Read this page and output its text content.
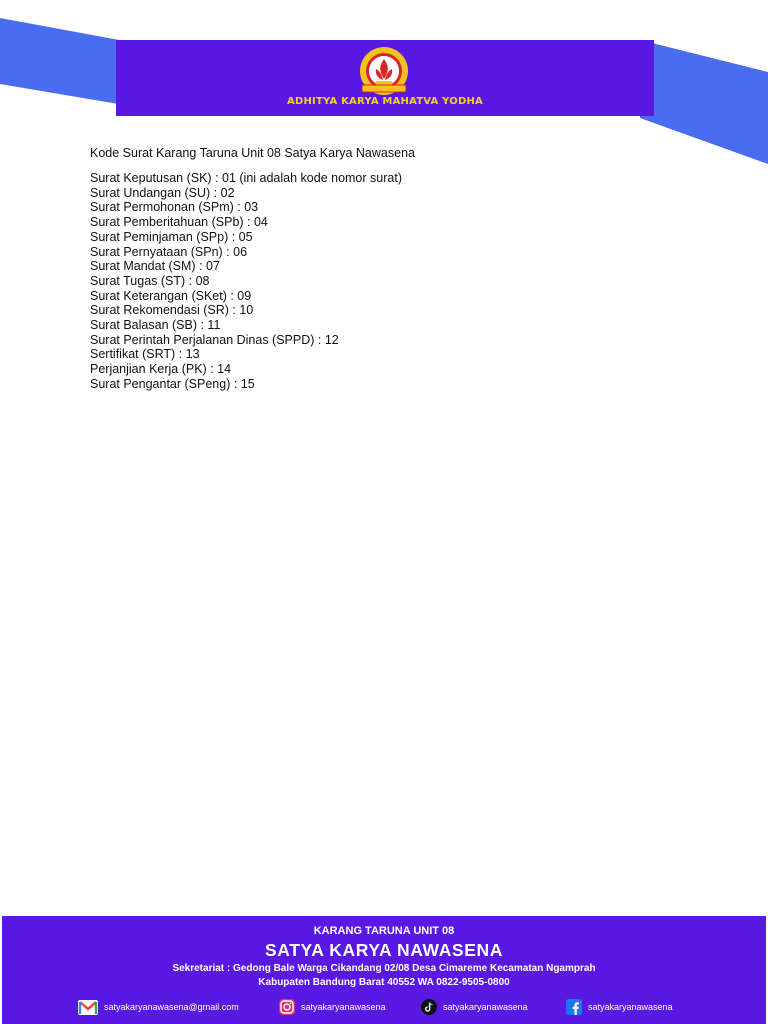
ADHITYA KARYA MAHATVA YODHA
Kode Surat Karang Taruna Unit 08 Satya Karya Nawasena
Surat Keputusan (SK) : 01 (ini adalah kode nomor surat)
Surat Undangan (SU) : 02
Surat Permohonan (SPm) : 03
Surat Pemberitahuan (SPb) : 04
Surat Peminjaman (SPp) : 05
Surat Pernyataan (SPn) : 06
Surat Mandat (SM) : 07
Surat Tugas (ST) : 08
Surat Keterangan (SKet) : 09
Surat Rekomendasi (SR) : 10
Surat Balasan (SB) : 11
Surat Perintah Perjalanan Dinas (SPPD) : 12
Sertifikat (SRT) : 13
Perjanjian Kerja (PK) : 14
Surat Pengantar (SPeng) : 15
KARANG TARUNA UNIT 08
SATYA KARYA NAWASENA
Sekretariat : Gedong Bale Warga Cikandang 02/08 Desa Cimareme Kecamatan Ngamprah
Kabupaten Bandung Barat 40552 WA 0822-9505-0800
satyakaryanawasena@gmail.com	satyakaryanawasena	satyakaryanawasena	satyakaryanawasena
